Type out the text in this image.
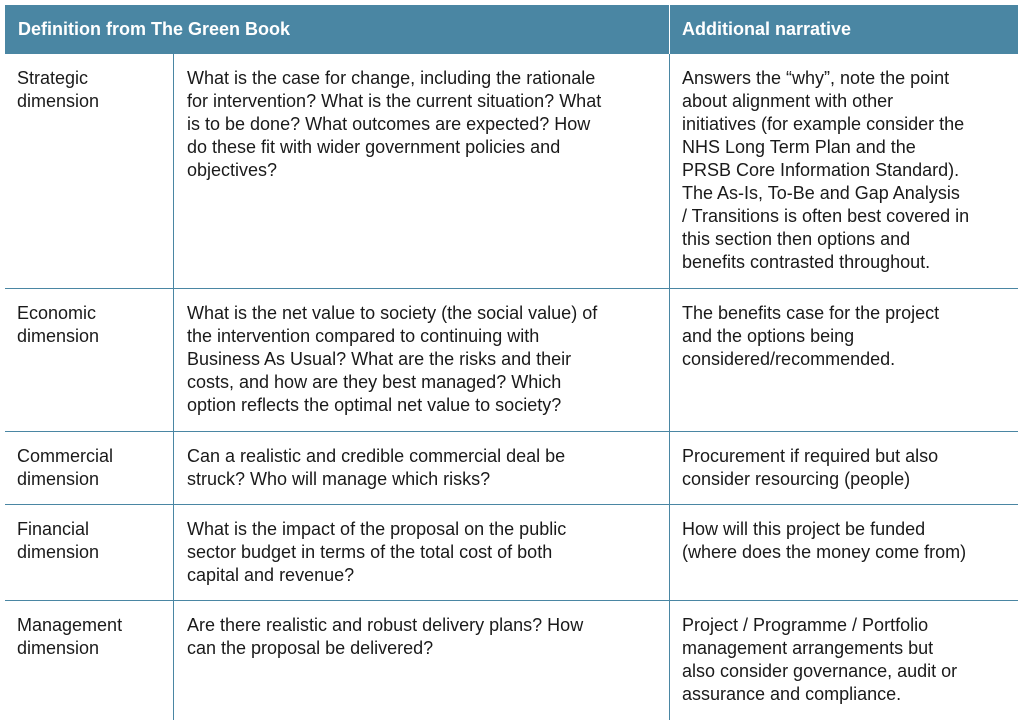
Definition from The Green Book	Additional narrative
Strategic
dimension
What is the case for change, including the rationale
for intervention? What is the current situation? What
is to be done? What outcomes are expected? How
do these fit with wider government policies and
objectives?
Answers the “why”, note the point
about alignment with other
initiatives (for example consider the
NHS Long Term Plan and the
PRSB Core Information Standard).
The As-Is, To-Be and Gap Analysis
/ Transitions is often best covered in
this section then options and
benefits contrasted throughout.
Economic
dimension
What is the net value to society (the social value) of
the intervention compared to continuing with
Business As Usual? What are the risks and their
costs, and how are they best managed? Which
option reflects the optimal net value to society?
The benefits case for the project
and the options being
considered/recommended.
Commercial
dimension
Can a realistic and credible commercial deal be
struck? Who will manage which risks?
Procurement if required but also
consider resourcing (people)
Financial
dimension
What is the impact of the proposal on the public
sector budget in terms of the total cost of both
capital and revenue?
How will this project be funded
(where does the money come from)
Management
dimension
Are there realistic and robust delivery plans? How
can the proposal be delivered?
Project / Programme / Portfolio
management arrangements but
also consider governance, audit or
assurance and compliance.
